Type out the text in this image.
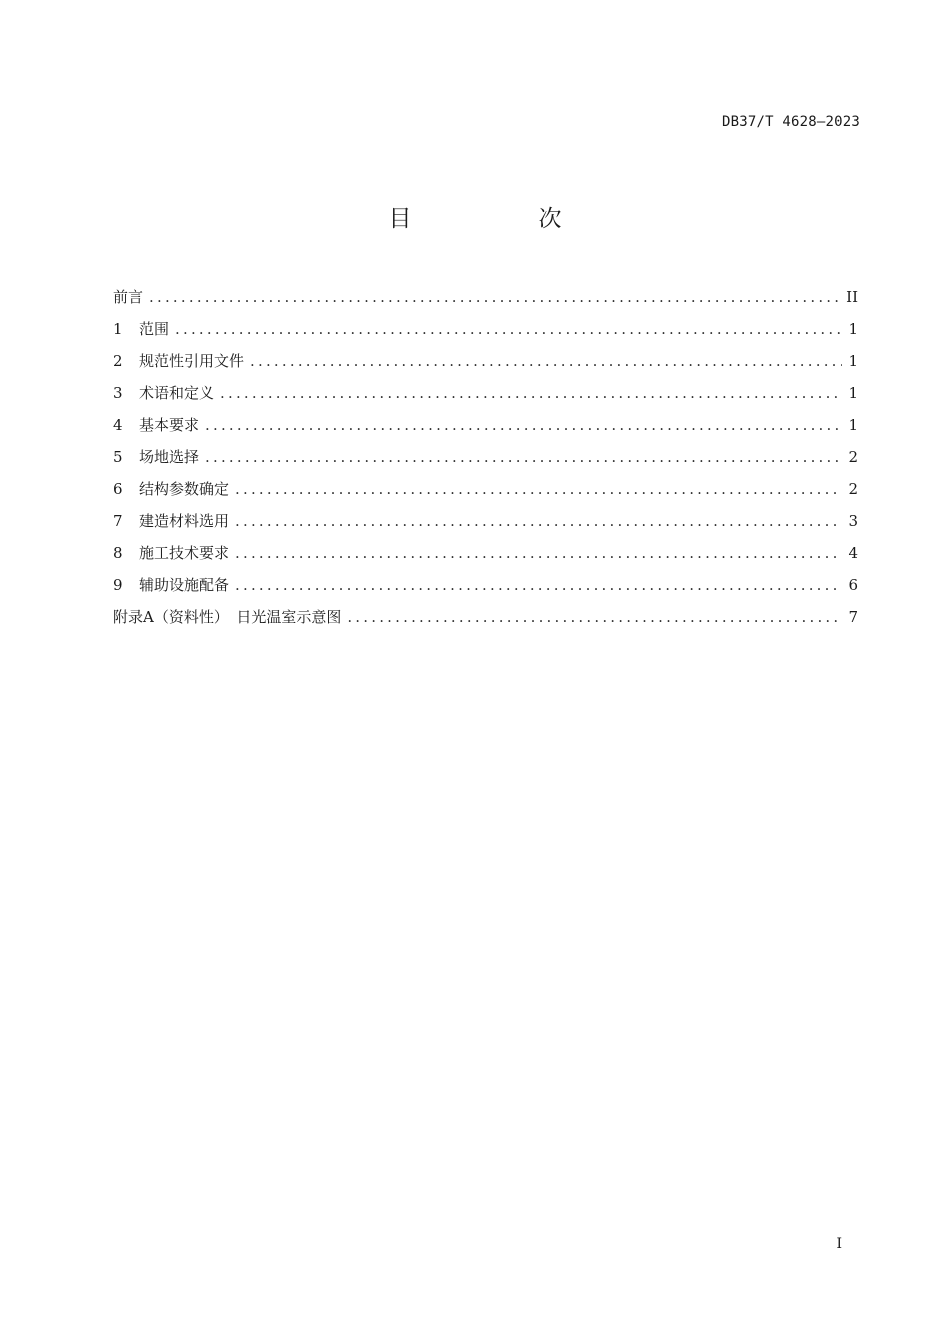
DB37/T 4628—2023
目　次
前言 .....	II
1 范围 .....	1
2 规范性引用文件 .....	1
3 术语和定义 .....	1
4 基本要求 .....	1
5 场地选择 .....	2
6 结构参数确定 .....	2
7 建造材料选用 .....	3
8 施工技术要求 .....	4
9 辅助设施配备 .....	6
附录A（资料性）　日光温室示意图 .....	7
I
